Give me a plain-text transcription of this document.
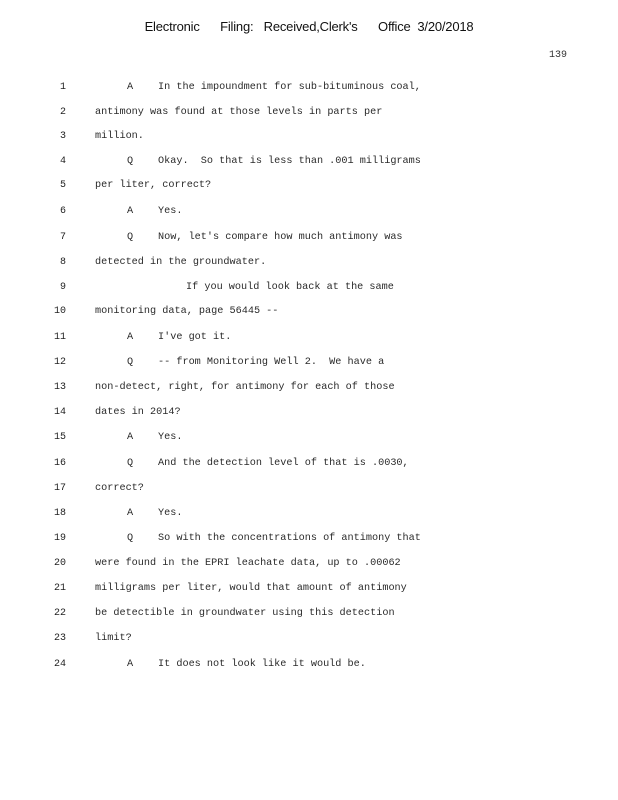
Electronic      Filing:   Received,Clerk's      Office  3/20/2018
139
1	A In the impoundment for sub-bituminous coal,
2	antimony was found at those levels in parts per
3	million.
4	Q Okay.  So that is less than .001 milligrams
5	per liter, correct?
6	A Yes.
7	Q Now, let's compare how much antimony was
8	detected in the groundwater.
9	If you would look back at the same
10	monitoring data, page 56445 --
11	A I've got it.
12	Q -- from Monitoring Well 2.  We have a
13	non-detect, right, for antimony for each of those
14	dates in 2014?
15	A Yes.
16	Q And the detection level of that is .0030,
17	correct?
18	A Yes.
19	Q So with the concentrations of antimony that
20	were found in the EPRI leachate data, up to .00062
21	milligrams per liter, would that amount of antimony
22	be detectible in groundwater using this detection
23	limit?
24	A It does not look like it would be.
